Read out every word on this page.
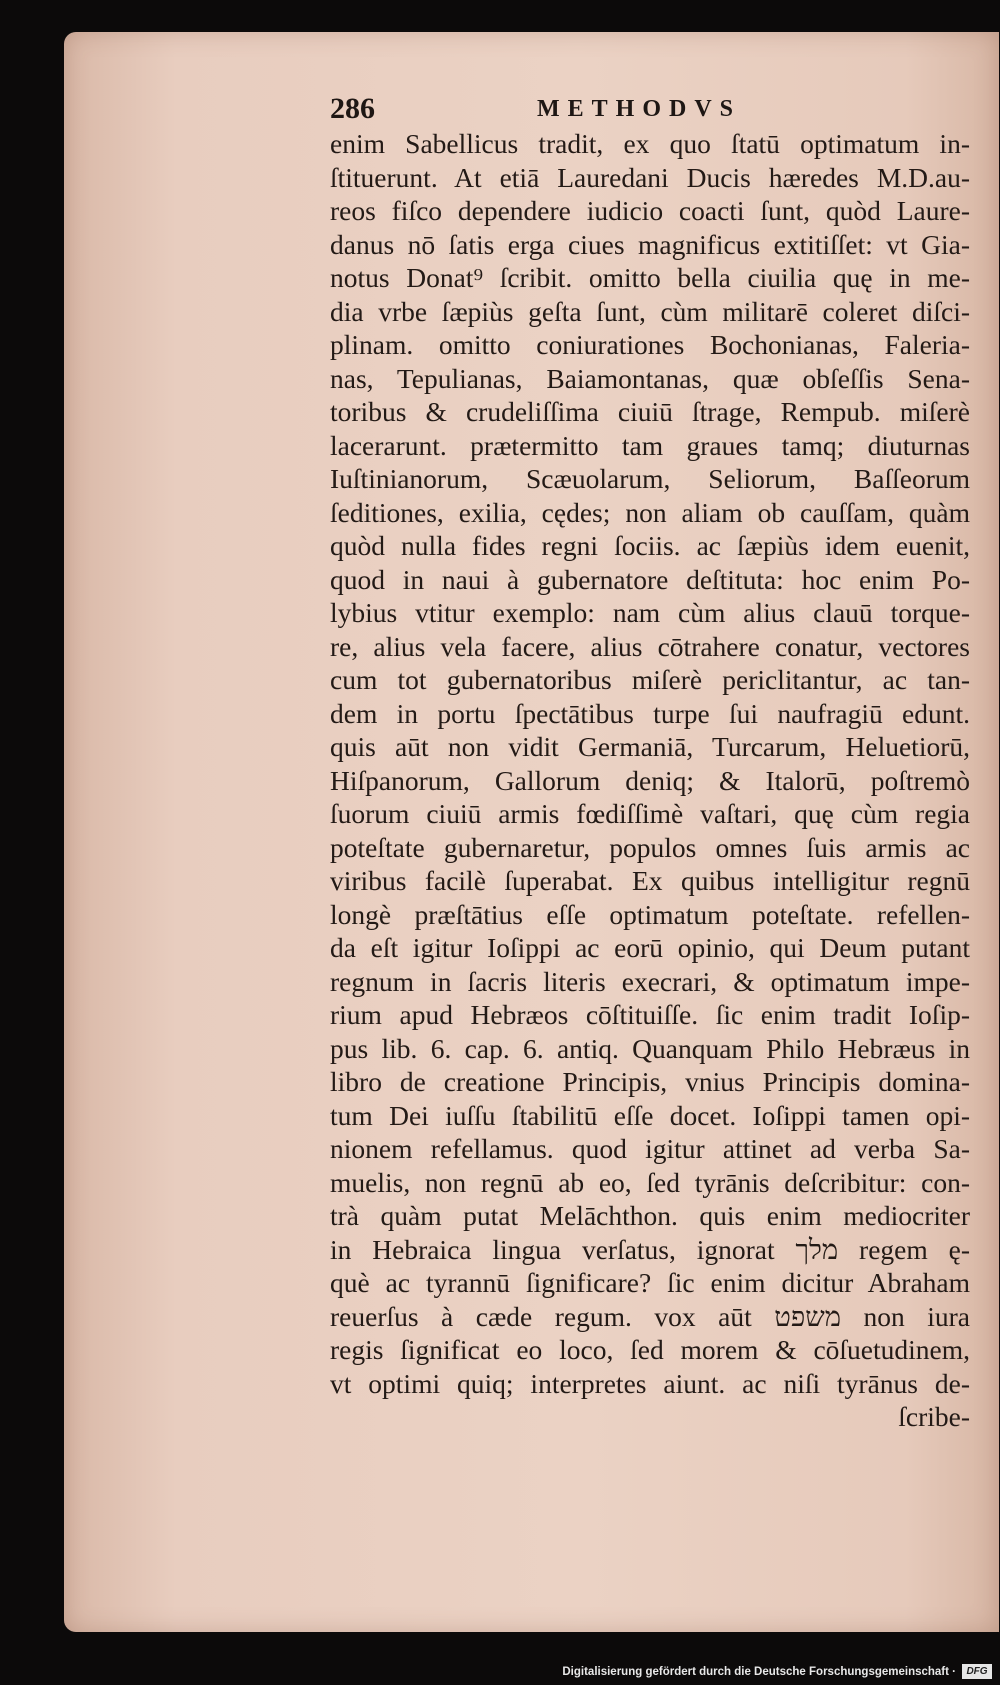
286	METHODVS
enim Sabellicus tradit, ex quo ſtatū optimatum in-
ſtituerunt. At etiā Lauredani Ducis hæredes M.D.au-
reos fiſco dependere iudicio coacti ſunt, quòd Laure-
danus nō ſatis erga ciues magnificus extitiſſet: vt Gia-
notus Donat⁹ ſcribit. omitto bella ciuilia quę in me-
dia vrbe ſæpiùs geſta ſunt, cùm militarē coleret diſci-
plinam. omitto coniurationes Bochonianas, Faleria-
nas, Tepulianas, Baiamontanas, quæ obſeſſis Sena-
toribus & crudeliſſima ciuiū ſtrage, Rempub. miſerè
lacerarunt. prætermitto tam graues tamq; diuturnas
Iuſtinianorum, Scæuolarum, Seliorum, Baſſeorum
ſeditiones, exilia, cędes; non aliam ob cauſſam, quàm
quòd nulla fides regni ſociis. ac ſæpiùs idem euenit,
quod in naui à gubernatore deſtituta: hoc enim Po-
lybius vtitur exemplo: nam cùm alius clauū torque-
re, alius vela facere, alius cōtrahere conatur, vectores
cum tot gubernatoribus miſerè periclitantur, ac tan-
dem in portu ſpectātibus turpe ſui naufragiū edunt.
quis aūt non vidit Germaniā, Turcarum, Heluetiorū,
Hiſpanorum, Gallorum deniq; & Italorū, poſtremò
ſuorum ciuiū armis fœdiſſimè vaſtari, quę cùm regia
poteſtate gubernaretur, populos omnes ſuis armis ac
viribus facilè ſuperabat. Ex quibus intelligitur regnū
longè præſtātius eſſe optimatum poteſtate. refellen-
da eſt igitur Ioſippi ac eorū opinio, qui Deum putant
regnum in ſacris literis execrari, & optimatum impe-
rium apud Hebræos cōſtituiſſe. ſic enim tradit Ioſip-
pus lib. 6. cap. 6. antiq. Quanquam Philo Hebræus in
libro de creatione Principis, vnius Principis domina-
tum Dei iuſſu ſtabilitū eſſe docet. Ioſippi tamen opi-
nionem refellamus. quod igitur attinet ad verba Sa-
muelis, non regnū ab eo, ſed tyrānis deſcribitur: con-
trà quàm putat Melāchthon. quis enim mediocriter
in Hebraica lingua verſatus, ignorat מלך regem ę-
què ac tyrannū ſignificare? ſic enim dicitur Abraham
reuerſus à cæde regum. vox aūt משפט non iura
regis ſignificat eo loco, ſed morem & cōſuetudinem,
vt optimi quiq; interpretes aiunt. ac niſi tyrānus de-
ſcribe-
Digitalisierung gefördert durch die Deutsche Forschungsgemeinschaft ·	DFG
